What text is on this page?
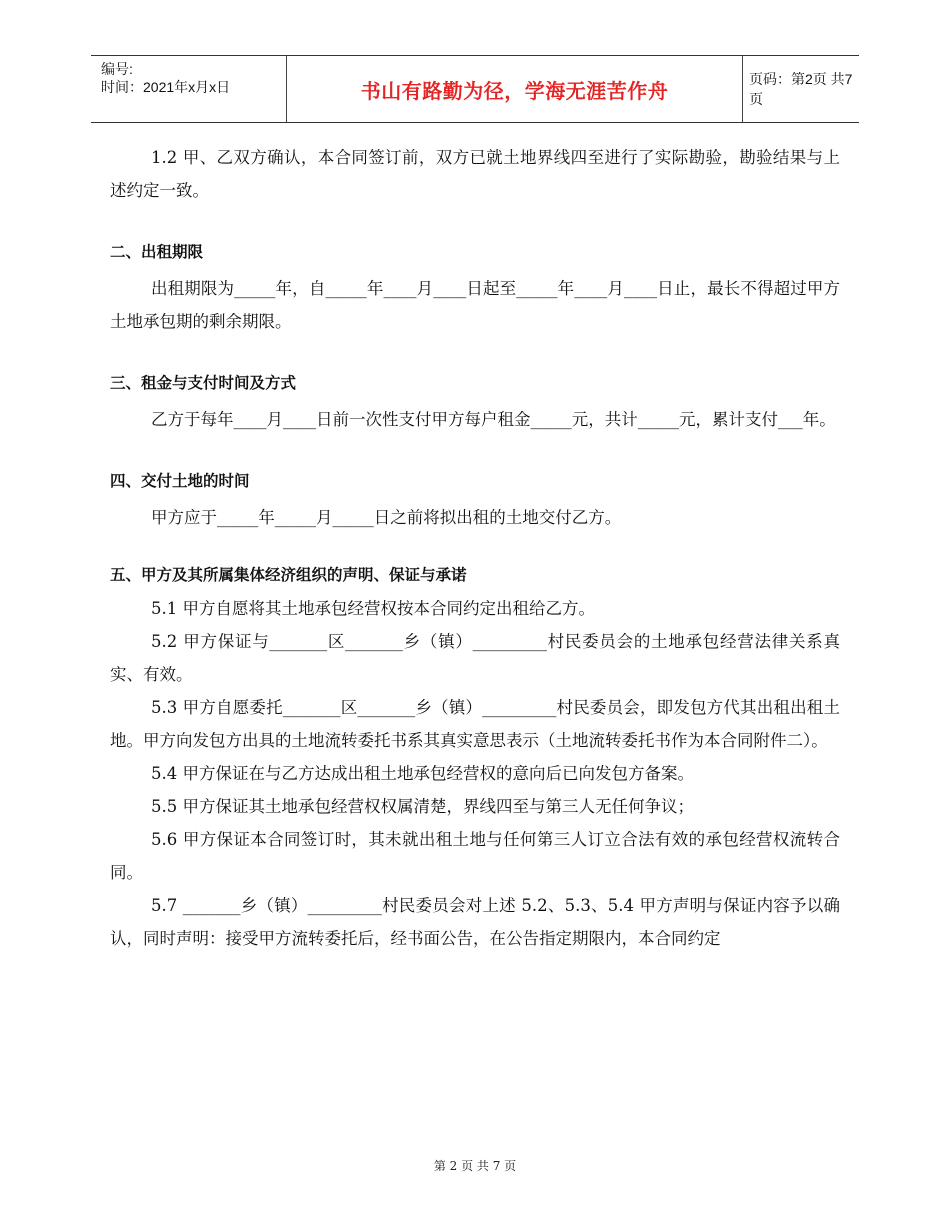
编号:
时间：2021年x月x日	书山有路勤为径，学海无涯苦作舟	页码：第2页 共7页

1.2 甲、乙双方确认，本合同签订前，双方已就土地界线四至进行了实际勘验，勘验结果与上述约定一致。

二、出租期限

出租期限为_____年，自_____年____月____日起至_____年____月____日止，最长不得超过甲方土地承包期的剩余期限。

三、租金与支付时间及方式

乙方于每年____月____日前一次性支付甲方每户租金_____元，共计_____元，累计支付___年。

四、交付土地的时间

甲方应于_____年_____月_____日之前将拟出租的土地交付乙方。

五、甲方及其所属集体经济组织的声明、保证与承诺

5.1 甲方自愿将其土地承包经营权按本合同约定出租给乙方。

5.2 甲方保证与_______区_______乡（镇）_________村民委员会的土地承包经营法律关系真实、有效。

5.3 甲方自愿委托_______区_______乡（镇）_________村民委员会，即发包方代其出租出租土地。甲方向发包方出具的土地流转委托书系其真实意思表示（土地流转委托书作为本合同附件二）。

5.4 甲方保证在与乙方达成出租土地承包经营权的意向后已向发包方备案。

5.5 甲方保证其土地承包经营权权属清楚，界线四至与第三人无任何争议；

5.6 甲方保证本合同签订时，其未就出租土地与任何第三人订立合法有效的承包经营权流转合同。

5.7 _______乡（镇）_________村民委员会对上述 5.2、5.3、5.4 甲方声明与保证内容予以确认，同时声明：接受甲方流转委托后，经书面公告，在公告指定期限内，本合同约定

第 2 页 共 7 页
